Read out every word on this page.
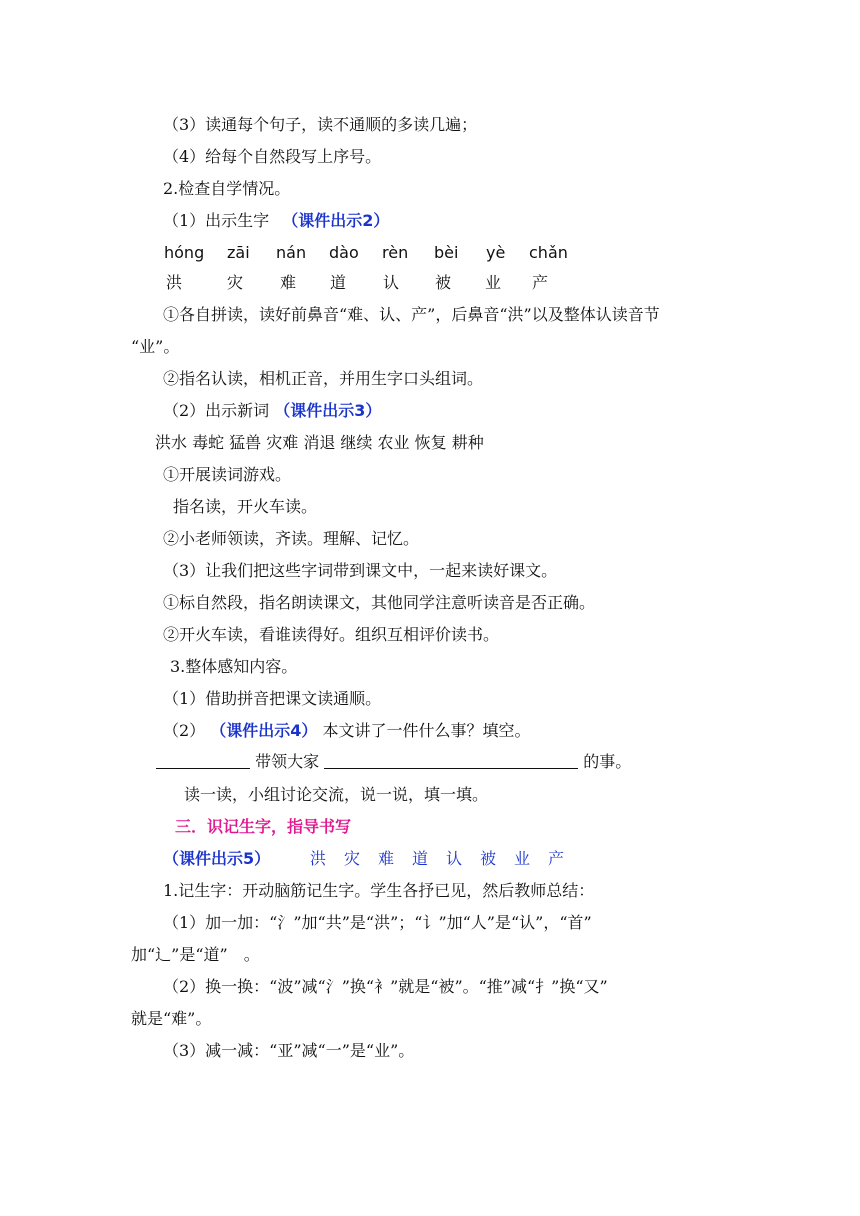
（3）读通每个句子，读不通顺的多读几遍；
（4）给每个自然段写上序号。
2.检查自学情况。
（1）出示生字 （课件出示2）
hóng zāi nán dào rèn bèi yè chǎn
洪	灾 难 道 认 被 业 产
①各自拼读，读好前鼻音“难、认、产”，后鼻音“洪”以及整体认读音节
“业”。
②指名认读，相机正音，并用生字口头组词。
（2）出示新词 （课件出示3）
洪水 毒蛇 猛兽 灾难 消退 继续 农业 恢复 耕种
①开展读词游戏。
指名读，开火车读。
②小老师领读，齐读。理解、记忆。
（3）让我们把这些字词带到课文中，一起来读好课文。
①标自然段，指名朗读课文，其他同学注意听读音是否正确。
②开火车读，看谁读得好。组织互相评价读书。
3.整体感知内容。
（1）借助拼音把课文读通顺。
（2） （课件出示4） 本文讲了一件什么事？填空。
带领大家	的事。
读一读，小组讨论交流，说一说，填一填。
三．识记生字，指导书写
（课件出示5） 洪 灾 难 道 认 被 业 产
1.记生字：开动脑筋记生字。学生各抒已见，然后教师总结：
（1）加一加：“氵”加“共”是“洪”；“讠”加“人”是“认”，“首”
加“辶”是“道”　。
（2）换一换：“波”减“氵”换“衤”就是“被”。“推”减“扌”换“又”
就是“难”。
（3）减一减：“亚”减“一”是“业”。
